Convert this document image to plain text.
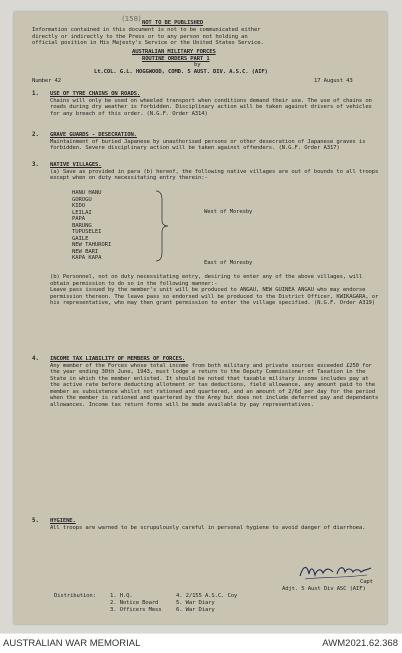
(158) NOT TO BE PUBLISHED
Information contained in this document is not to be communicated either
directly or indirectly to the Press or to any person not holding an
official position in His Majesty's Service or the United States Service.
AUSTRALIAN MILITARY FORCES
ROUTINE ORDERS PART 1
by
Lt.COL. G.L. HOGGWOOD, COMD. 5 AUST. DIV. A.S.C. (AIF)
Number 42	17 August 43
1. USE OF TYRE CHAINS ON ROADS.

Chains will only be used on wheeled transport when conditions demand their use. The use of chains on roads during dry weather is forbidden. Disciplinary action will be taken against drivers of vehicles for any breach of this order. (N.G.F. Order A314)

2. GRAVE GUARDS - DESECRATION.

Maintainment of buried Japanese by unauthorised persons or other desecration of Japanese graves is forbidden. Severe disciplinary action will be taken against offenders. (N.G.F. Order A317)

3. NATIVE VILLAGES.

(a) Save as provided in para (b) hereof, the following native villages are out of bounds to all troops except when on duty necessitating entry therein:-

HANU HANU
GOROGU
KIDO
LEILAI
PAPA
BARUNG
TUPUSELEI
GAILE
NEW TAHURORI
NEW BARI
KAPA KAPA
West of Moresby
East of Moresby

(b) Personnel, not on duty necessitating entry, desiring to enter any of the above villages, will obtain permission to do so in the following manner:-
Leave pass issued by the member's unit will be produced to ANGAU, NEW GUINEA ANGAU who may endorse permission thereon. The leave pass so endorsed will be produced to the District Officer, KWIKAGARA, or his representative, who may then grant permission to enter the village specified. (N.G.F. Order A319)

4. INCOME TAX LIABILITY OF MEMBERS OF FORCES.

Any member of the Forces whose total income from both military and private sources exceeded £250 for the year ending 30th June, 1943, must lodge a return to the Deputy Commissioner of Taxation in the State in which the member enlisted. It should be noted that taxable military income includes pay at the active rate before deducting allotment or tax deductions, field allowance, any amount paid to the member as subsistence whilst not rationed and quartered, and an amount of 2/6d per day for the period when the member is rationed and quartered by the Army but does not include deferred pay and dependants allowances. Income tax return forms will be made available by pay representatives.

5. HYGIENE.

All troops are warned to be scrupulously careful in personal hygiene to avoid danger of diarrhoea.

Capt
Adjt. 5 Aust Div ASC (AIF)
Distribution:	1. H.Q.
2. Notice Board
3. Officers Mess
4. 2/155 A.S.C. Coy
5. War Diary
6. War Diary
AUSTRALIAN WAR MEMORIAL	AWM2021.62.368
